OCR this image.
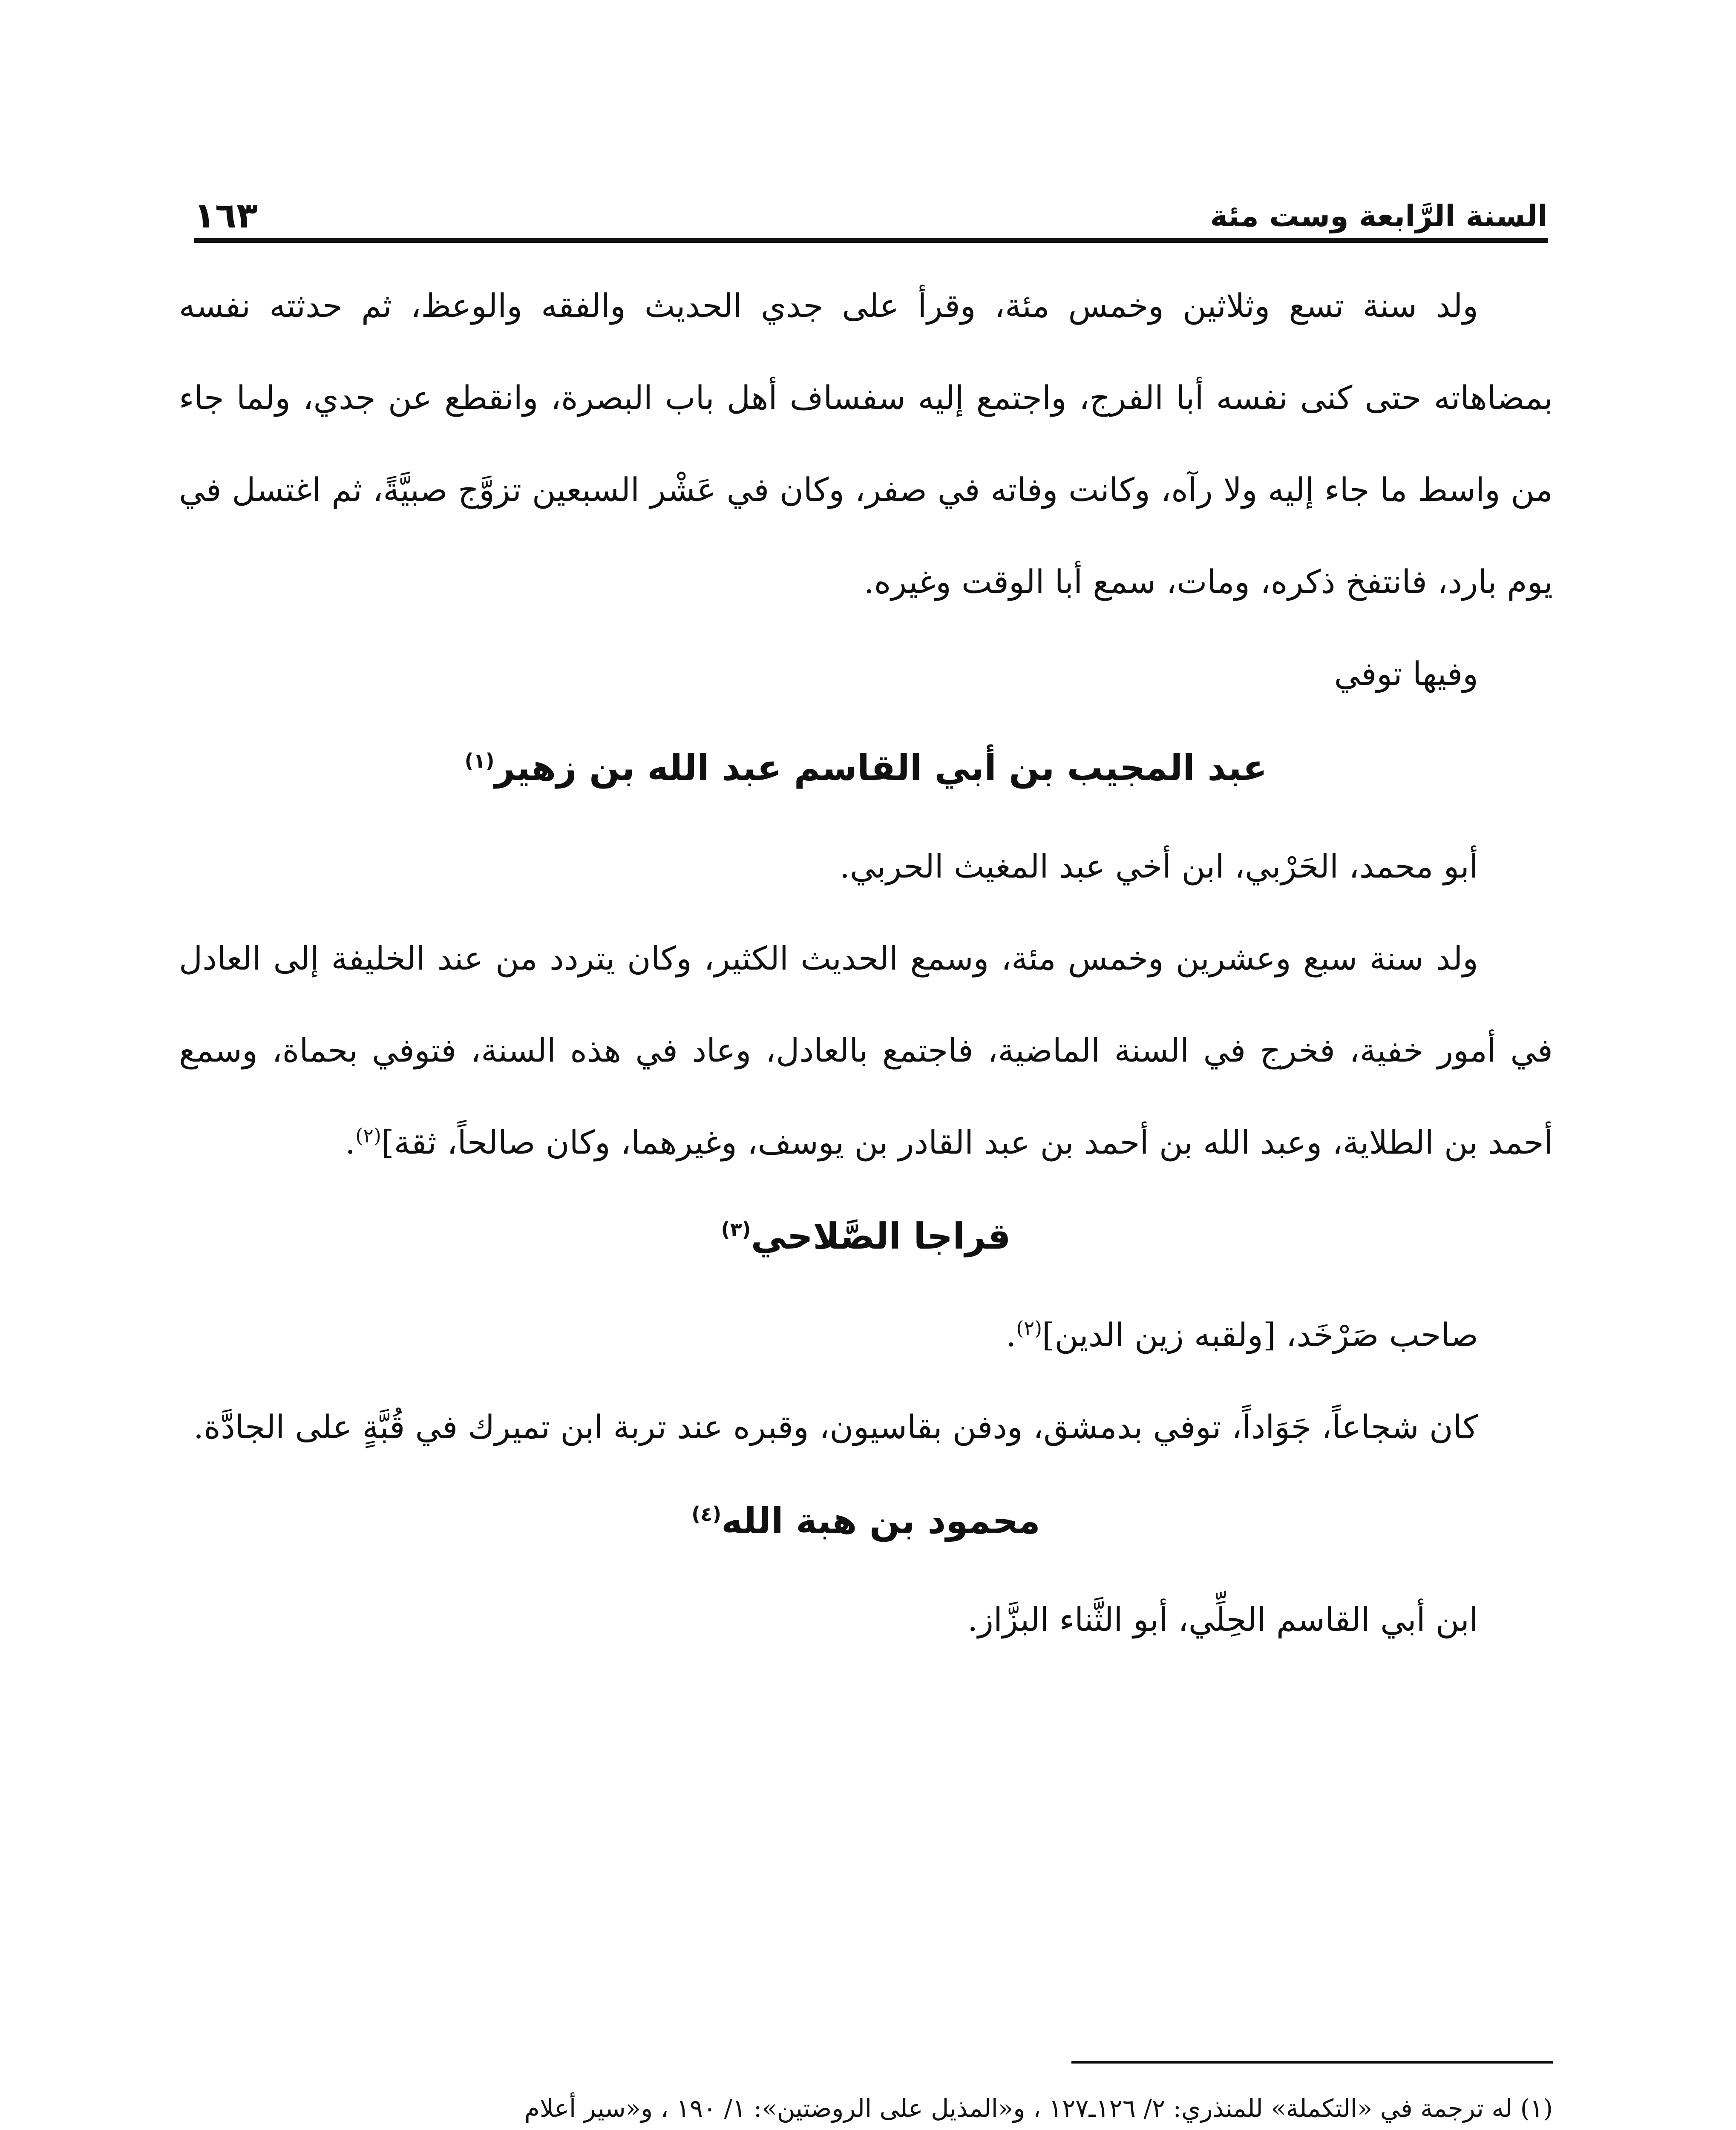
السنة الرَّابعة وست مئة
١٦٣

ولد سنة تسع وثلاثين وخمس مئة، وقرأ على جدي الحديث والفقه والوعظ، ثم حدثته نفسه بمضاهاته حتى كنى نفسه أبا الفرج، واجتمع إليه سفساف أهل باب البصرة، وانقطع عن جدي، ولما جاء من واسط ما جاء إليه ولا رآه، وكانت وفاته في صفر، وكان في عَشْر السبعين تزوَّج صبيَّةً، ثم اغتسل في يوم بارد، فانتفخ ذكره، ومات، سمع أبا الوقت وغيره.

وفيها توفي

عبد المجيب بن أبي القاسم عبد الله بن زهير$^{(١)}$

أبو محمد، الحَرْبي، ابن أخي عبد المغيث الحربي.

ولد سنة سبع وعشرين وخمس مئة، وسمع الحديث الكثير، وكان يتردد من عند الخليفة إلى العادل في أمور خفية، فخرج في السنة الماضية، فاجتمع بالعادل، وعاد في هذه السنة، فتوفي بحماة، وسمع أحمد بن الطلاية، وعبد الله بن أحمد بن عبد القادر بن يوسف، وغيرهما، وكان صالحاً، ثقة]$^{(٢)}$.

قراجا الصَّلاحي$^{(٣)}$

صاحب صَرْخَد، [ولقبه زين الدين]$^{(٢)}$.

كان شجاعاً، جَوَاداً، توفي بدمشق، ودفن بقاسيون، وقبره عند تربة ابن تميرك في قُبَّةٍ على الجادَّة.

محمود بن هبة الله$^{(٤)}$

ابن أبي القاسم الحِلِّي، أبو الثَّناء البزَّاز.

(١) له ترجمة في «التكملة» للمنذري: ٢/ ١٢٦ـ١٢٧ ، و«المذيل على الروضتين»: ١/ ١٩٠ ، و«سير أعلام
